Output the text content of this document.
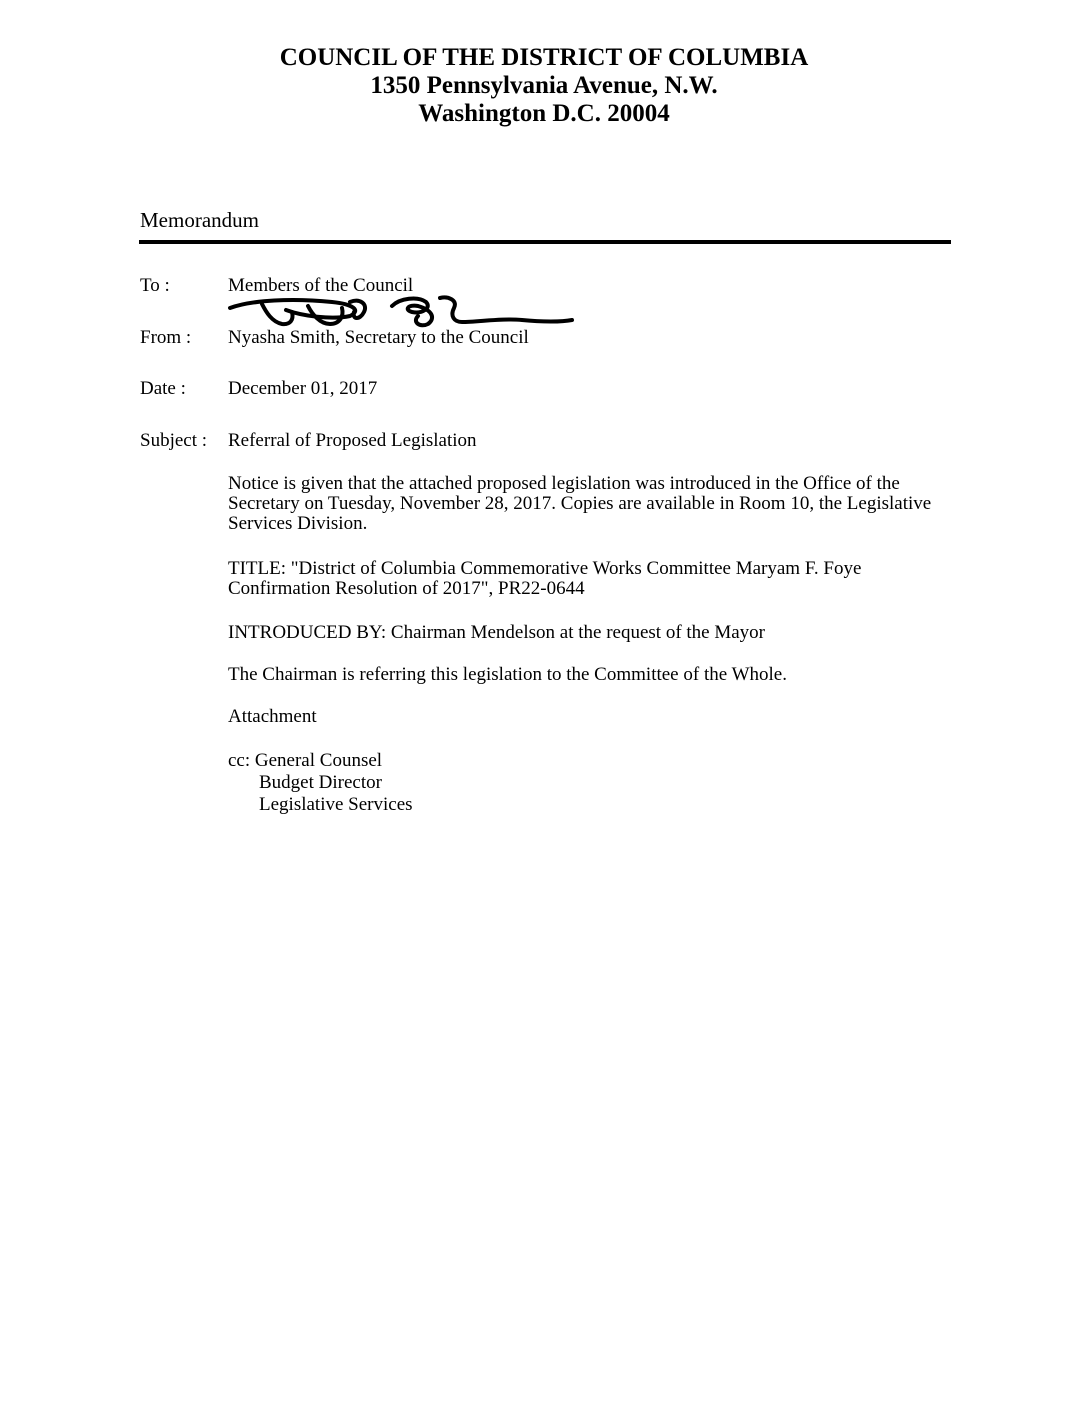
COUNCIL OF THE DISTRICT OF COLUMBIA
1350 Pennsylvania Avenue, N.W.
Washington D.C. 20004
Memorandum
To :	Members of the Council
From : Nyasha Smith, Secretary to the Council
Date : December 01, 2017
Subject : Referral of Proposed Legislation

Notice is given that the attached proposed legislation was introduced in the Office of the Secretary on Tuesday, November 28, 2017. Copies are available in Room 10, the Legislative Services Division.

TITLE: "District of Columbia Commemorative Works Committee Maryam F. Foye Confirmation Resolution of 2017", PR22-0644

INTRODUCED BY: Chairman Mendelson at the request of the Mayor

The Chairman is referring this legislation to the Committee of the Whole.

Attachment

cc: General Counsel
Budget Director
Legislative Services
